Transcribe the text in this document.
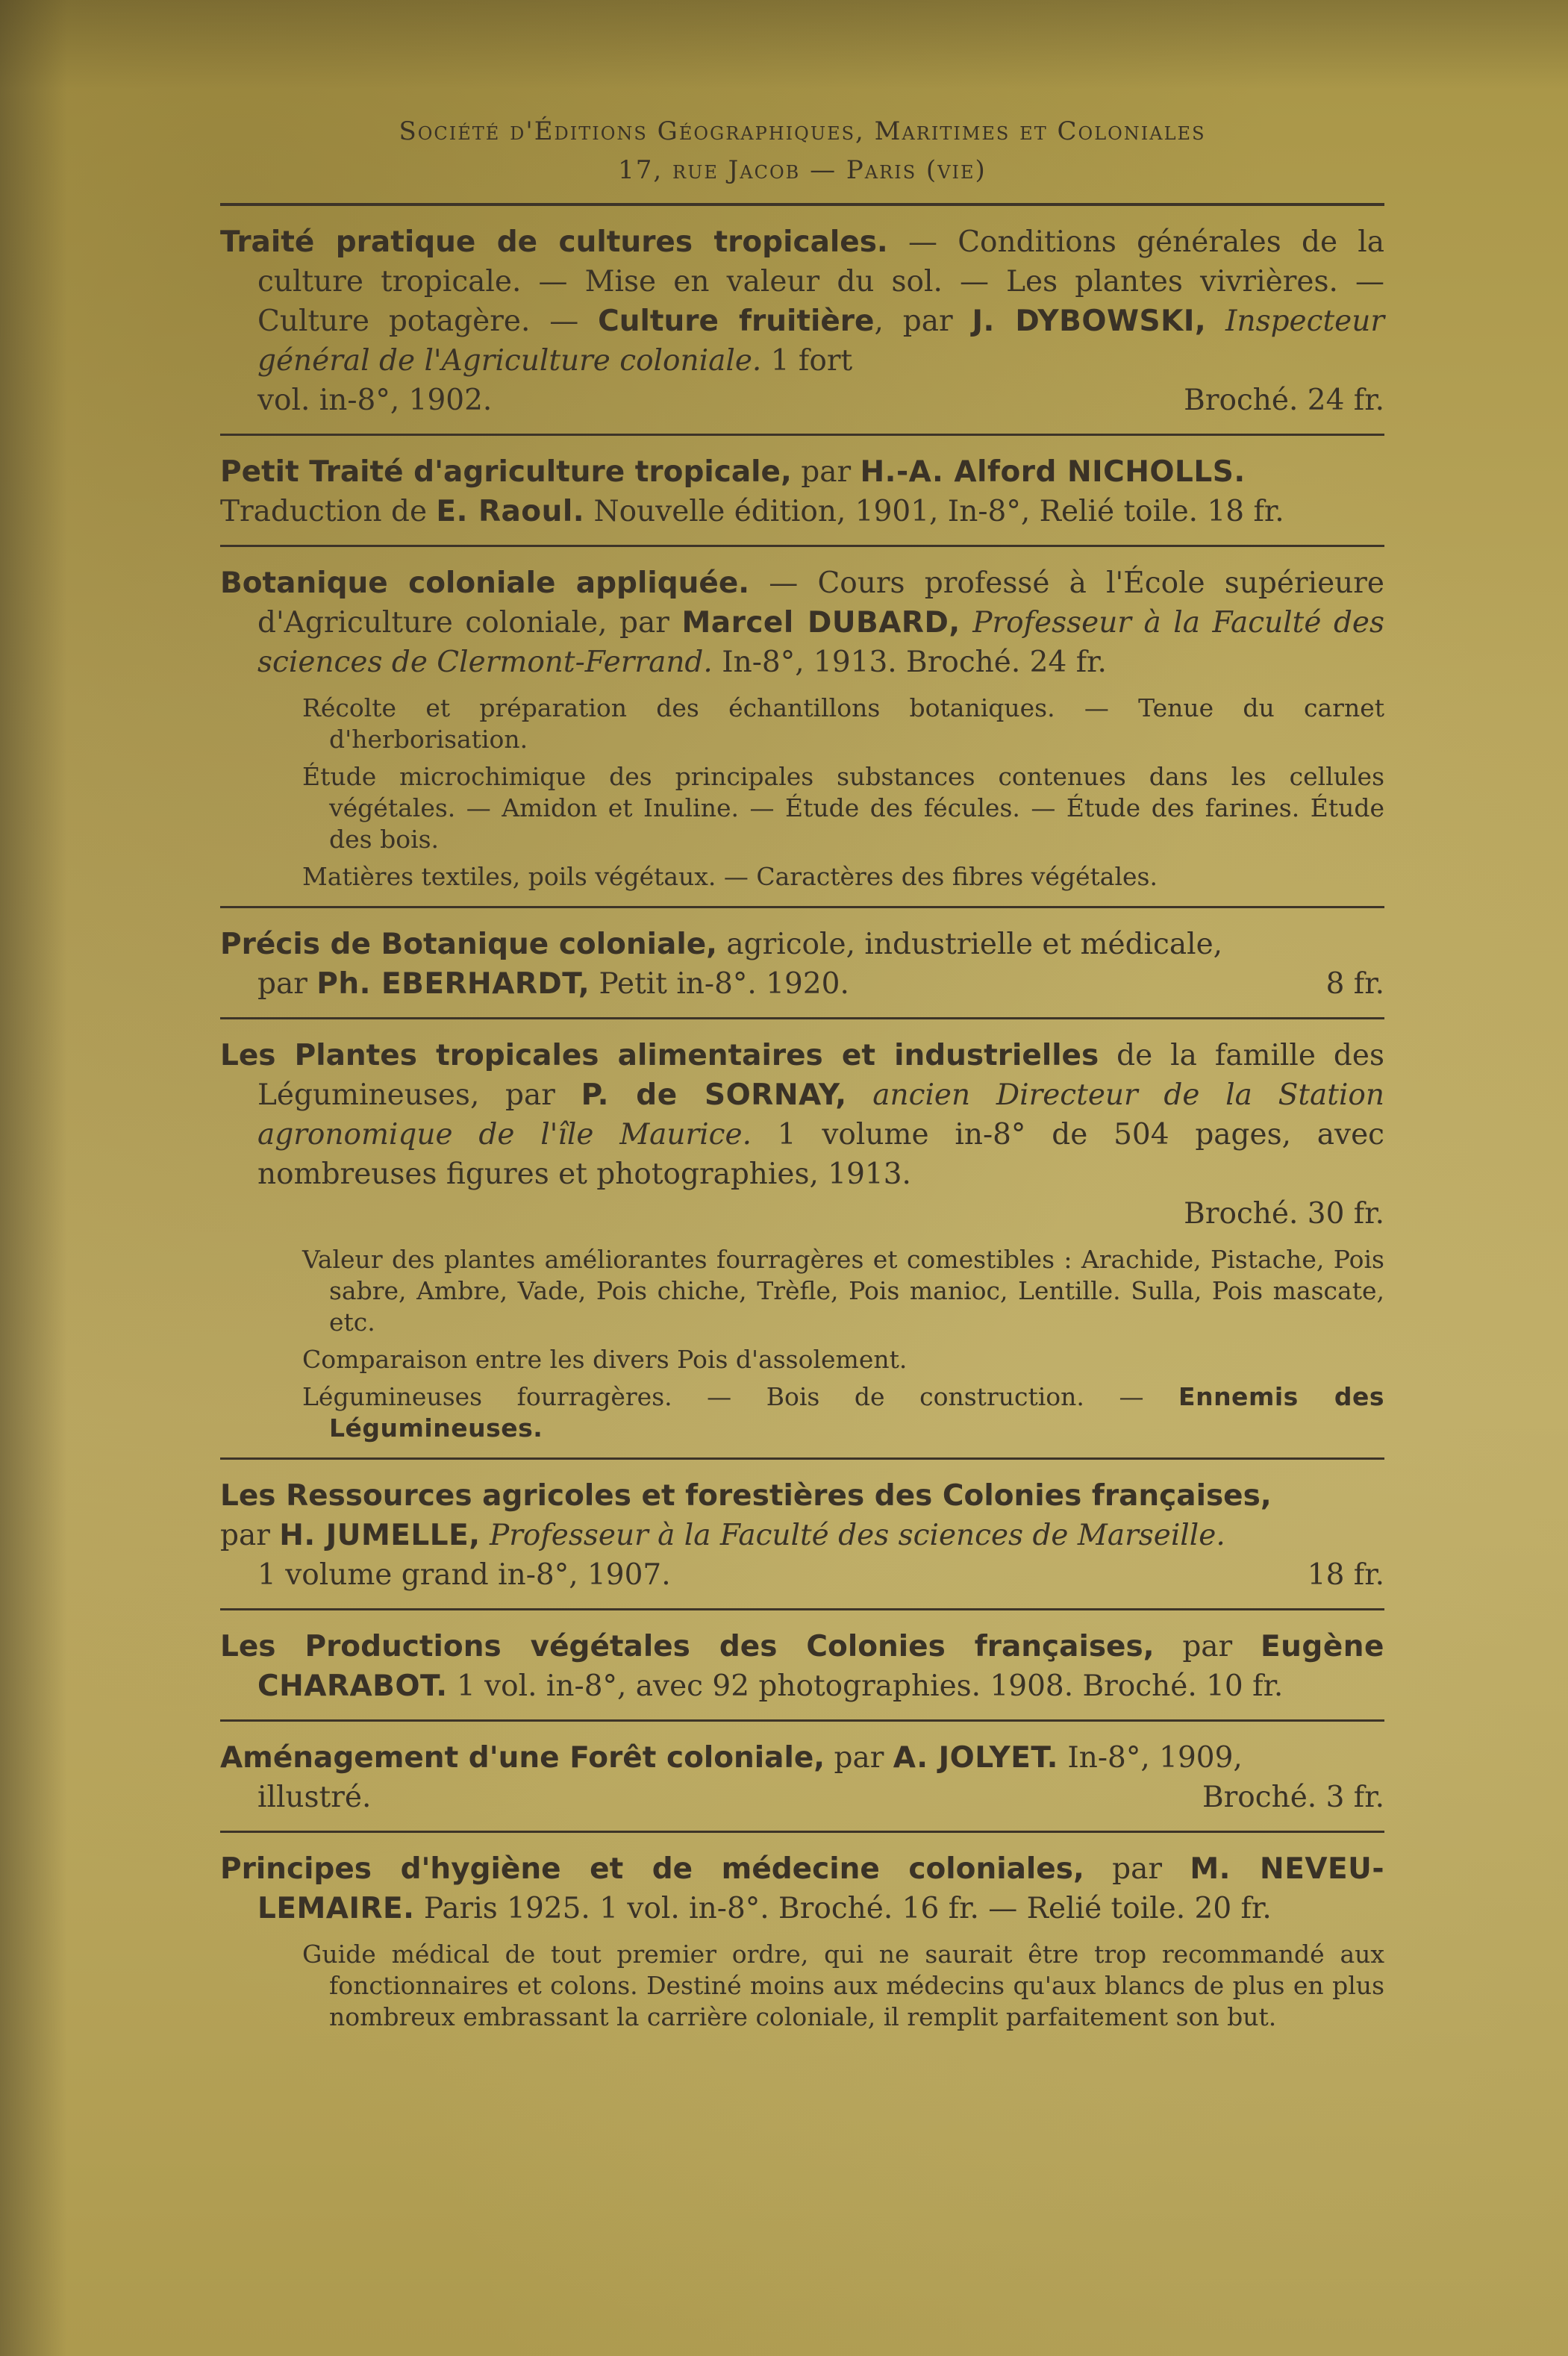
Société d'Éditions Géographiques, Maritimes et Coloniales
17, rue Jacob — Paris (vie)

Traité pratique de cultures tropicales. — Conditions générales de la culture tropicale. — Mise en valeur du sol. — Les plantes vivrières. — Culture potagère. — Culture fruitière, par J. DYBOWSKI, Inspecteur général de l'Agriculture coloniale. 1 fort

vol. in-8°, 1902.	Broché. 24 fr.

Petit Traité d'agriculture tropicale, par H.-A. Alford NICHOLLS.

Traduction de E. Raoul. Nouvelle édition, 1901, In-8°, Relié toile. 18 fr.

Botanique coloniale appliquée. — Cours professé à l'École supérieure d'Agriculture coloniale, par Marcel DUBARD, Professeur à la Faculté des sciences de Clermont-Ferrand. In-8°, 1913. Broché. 24 fr.

Récolte et préparation des échantillons botaniques. — Tenue du carnet d'herborisation.

Étude microchimique des principales substances contenues dans les cellules végétales. — Amidon et Inuline. — Étude des fécules. — Étude des farines. Étude des bois.

Matières textiles, poils végétaux. — Caractères des fibres végétales.

Précis de Botanique coloniale, agricole, industrielle et médicale,

par Ph. EBERHARDT, Petit in-8°. 1920.	8 fr.

Les Plantes tropicales alimentaires et industrielles de la famille des Légumineuses, par P. de SORNAY, ancien Directeur de la Station agronomique de l'île Maurice. 1 volume in-8° de 504 pages, avec nombreuses figures et photographies, 1913.

Broché. 30 fr.

Valeur des plantes améliorantes fourragères et comestibles : Arachide, Pistache, Pois sabre, Ambre, Vade, Pois chiche, Trèfle, Pois manioc, Lentille. Sulla, Pois mascate, etc.

Comparaison entre les divers Pois d'assolement.

Légumineuses fourragères. — Bois de construction. — Ennemis des Légumineuses.

Les Ressources agricoles et forestières des Colonies françaises,

par H. JUMELLE, Professeur à la Faculté des sciences de Marseille.

1 volume grand in-8°, 1907.	18 fr.

Les Productions végétales des Colonies françaises, par Eugène CHARABOT. 1 vol. in-8°, avec 92 photographies. 1908. Broché. 10 fr.

Aménagement d'une Forêt coloniale, par A. JOLYET. In-8°, 1909,

illustré.	Broché. 3 fr.

Principes d'hygiène et de médecine coloniales, par M. NEVEU-LEMAIRE. Paris 1925. 1 vol. in-8°. Broché. 16 fr. — Relié toile. 20 fr.

Guide médical de tout premier ordre, qui ne saurait être trop recommandé aux fonctionnaires et colons. Destiné moins aux médecins qu'aux blancs de plus en plus nombreux embrassant la carrière coloniale, il remplit parfaitement son but.
